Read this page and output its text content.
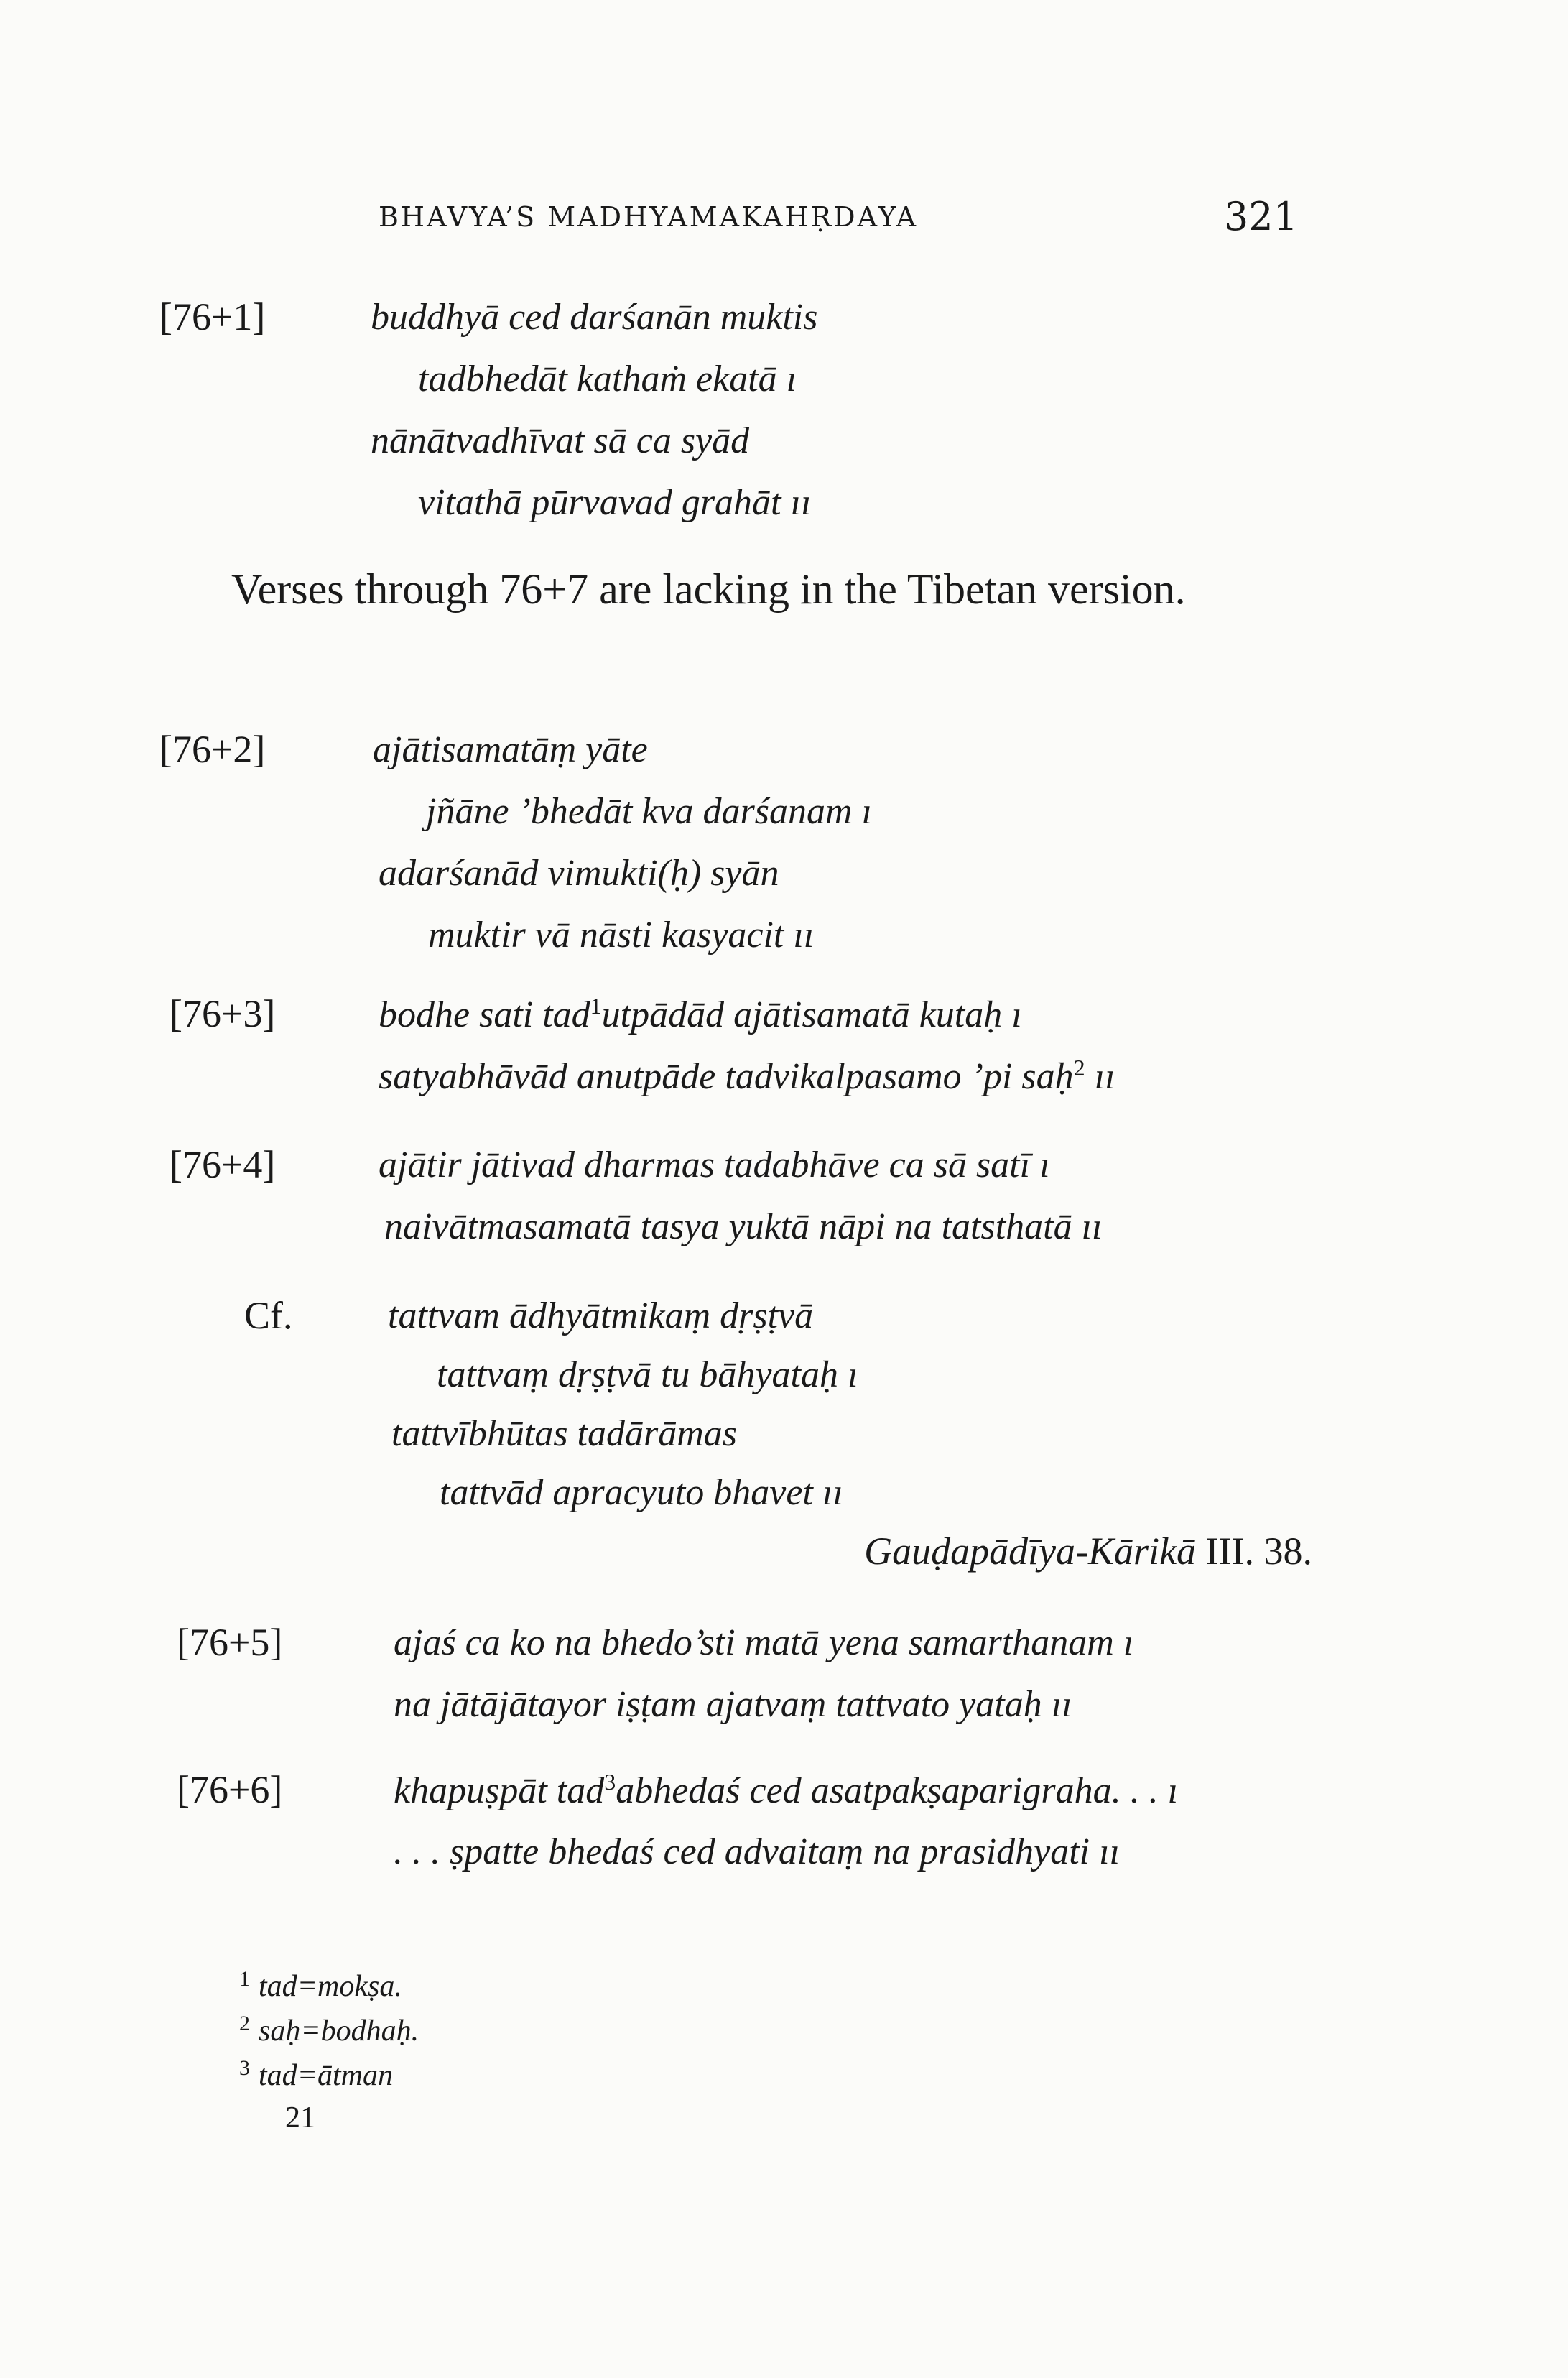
BHAVYA’S MADHYAMAKAHṚDAYA	321
[76+1]	buddhyā ced darśanān muktis
tadbhedāt kathaṁ ekatā ı
nānātvadhīvat sā ca syād
vitathā pūrvavad grahāt ıı
Verses through 76+7 are lacking in the Tibetan version.
[76+2]	ajātisamatāṃ yāte
jñāne ’bhedāt kva darśanam ı
adarśanād vimukti(ḥ) syān
muktir vā nāsti kasyacit ıı
[76+3]	bodhe sati tad$^1$utpādād ajātisamatā kutaḥ ı
satyabhāvād anutpāde tadvikalpasamo ’pi saḥ$^2$ ıı
[76+4]	ajātir jātivad dharmas tadabhāve ca sā satī ı
naivātmasamatā tasya yuktā nāpi na tatsthatā ıı
Cf.	tattvam ādhyātmikaṃ dṛṣṭvā
tattvaṃ dṛṣṭvā tu bāhyataḥ ı
tattvībhūtas tadārāmas
tattvād apracyuto bhavet ıı
Gauḍapādīya-Kārikā III. 38.
[76+5]	ajaś ca ko na bhedo’sti matā yena samarthanam ı
na jātājātayor iṣṭam ajatvaṃ tattvato yataḥ ıı
[76+6]	khapuṣpāt tad$^3$abhedaś ced asatpakṣaparigraha. . . ı
. . . ṣpatte bhedaś ced advaitaṃ na prasidhyati ıı
$^1$ tad=mokṣa.
$^2$ saḥ=bodhaḥ.
$^3$ tad=ātman
21
